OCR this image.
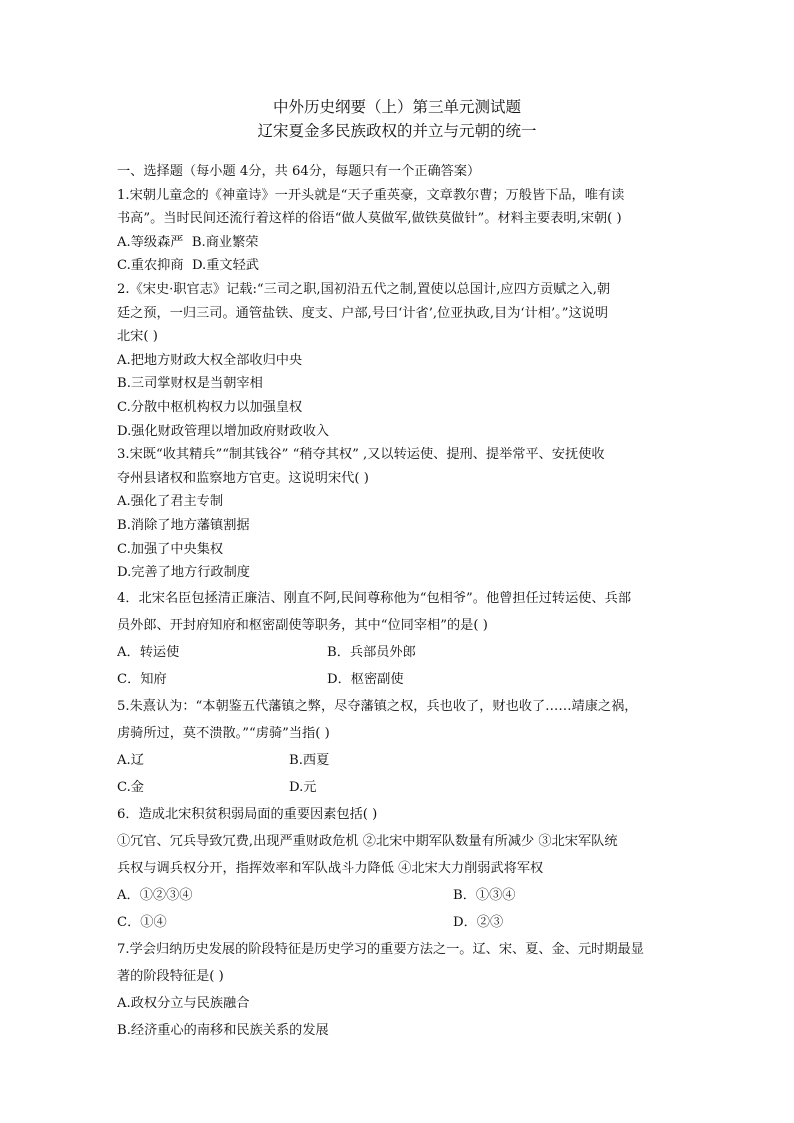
中外历史纲要（上）第三单元测试题
辽宋夏金多民族政权的并立与元朝的统一
一、选择题（每小题 4分，共 64分，每题只有一个正确答案）
1.宋朝儿童念的《神童诗》一开头就是“天子重英豪，文章教尔曹；万般皆下品，唯有读
书高”。当时民间还流行着这样的俗语“做人莫做军,做铁莫做针”。材料主要表明,宋朝( )
A.等级森严 B.商业繁荣
C.重农抑商 D.重文轻武
2.《宋史·职官志》记载:“三司之职,国初沿五代之制,置使以总国计,应四方贡赋之入,朝
廷之预，一归三司。通管盐铁、度支、户部,号曰‘计省’,位亚执政,目为‘计相’。”这说明
北宋( )
A.把地方财政大权全部收归中央
B.三司掌财权是当朝宰相
C.分散中枢机构权力以加强皇权
D.强化财政管理以增加政府财政收入
3.宋既“收其精兵”“制其钱谷” “稍夺其权” ,又以转运使、提刑、提举常平、安抚使收
夺州县诸权和监察地方官吏。这说明宋代( )
A.强化了君主专制
B.消除了地方藩镇割据
C.加强了中央集权
D.完善了地方行政制度
4．北宋名臣包拯清正廉洁、刚直不阿,民间尊称他为“包相爷”。他曾担任过转运使、兵部
员外郎、开封府知府和枢密副使等职务，其中“位同宰相”的是( )
A．转运使	B．兵部员外郎
C．知府	D．枢密副使
5.朱熹认为：“本朝鉴五代藩镇之弊，尽夺藩镇之权，兵也收了，财也收了……靖康之祸，
虏骑所过，莫不溃散。”“虏骑”当指( )
A.辽	B.西夏
C.金	D.元
6．造成北宋积贫积弱局面的重要因素包括( )
①冗官、冗兵导致冗费,出现严重财政危机 ②北宋中期军队数量有所减少 ③北宋军队统
兵权与调兵权分开，指挥效率和军队战斗力降低 ④北宋大力削弱武将军权
A．①②③④	B．①③④
C．①④	D．②③
7.学会归纳历史发展的阶段特征是历史学习的重要方法之一。辽、宋、夏、金、元时期最显
著的阶段特征是( )
A.政权分立与民族融合
B.经济重心的南移和民族关系的发展
